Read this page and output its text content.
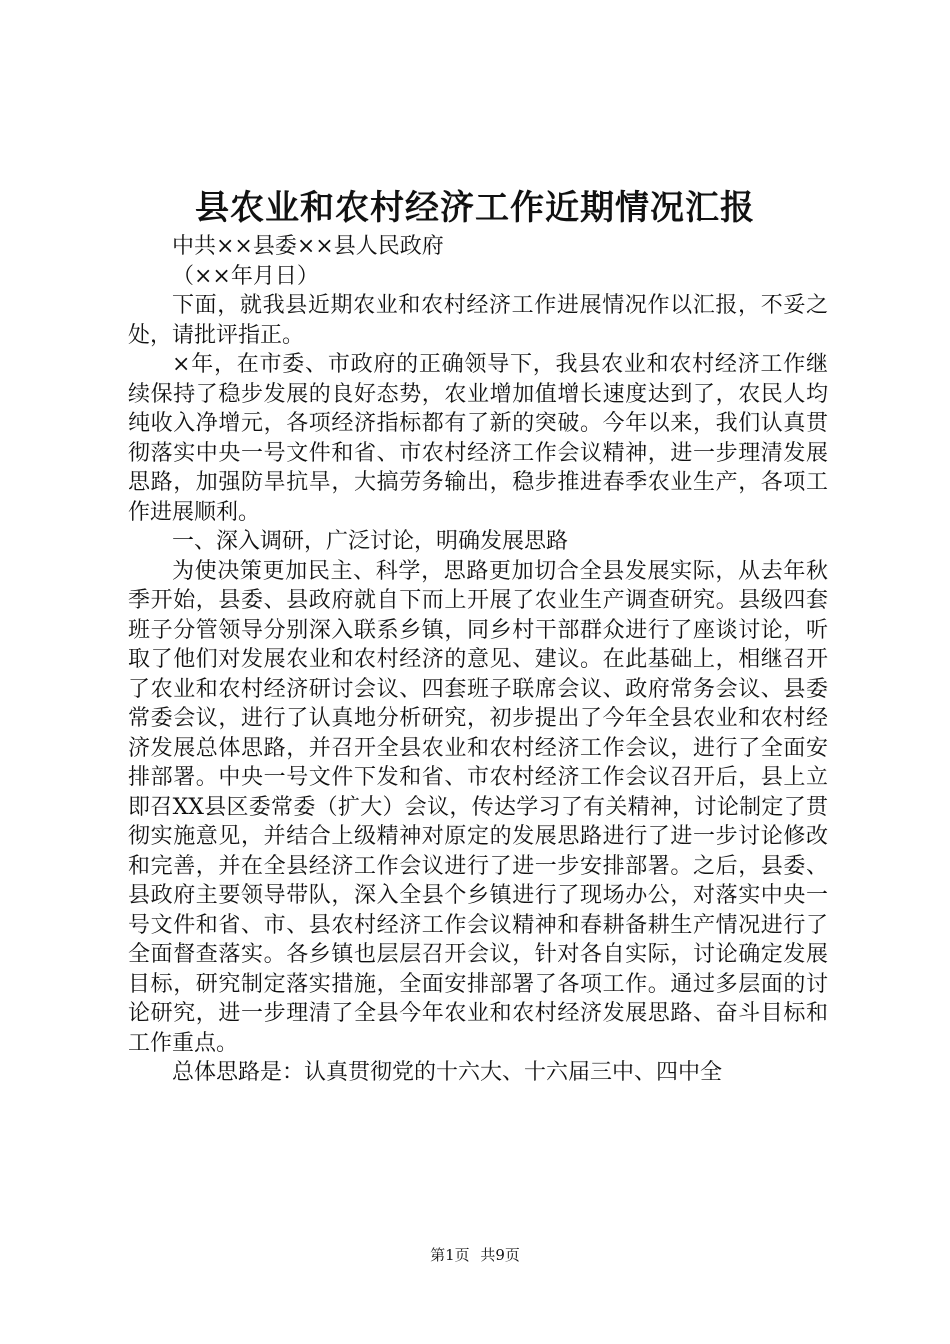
县农业和农村经济工作近期情况汇报

中共××县委××县人民政府

（××年月日）

下面，就我县近期农业和农村经济工作进展情况作以汇报，不妥之处，请批评指正。

×年，在市委、市政府的正确领导下，我县农业和农村经济工作继续保持了稳步发展的良好态势，农业增加值增长速度达到了，农民人均纯收入净增元，各项经济指标都有了新的突破。今年以来，我们认真贯彻落实中央一号文件和省、市农村经济工作会议精神，进一步理清发展思路，加强防旱抗旱，大搞劳务输出，稳步推进春季农业生产，各项工作进展顺利。

一、深入调研，广泛讨论，明确发展思路

为使决策更加民主、科学，思路更加切合全县发展实际，从去年秋季开始，县委、县政府就自下而上开展了农业生产调查研究。县级四套班子分管领导分别深入联系乡镇，同乡村干部群众进行了座谈讨论，听取了他们对发展农业和农村经济的意见、建议。在此基础上，相继召开了农业和农村经济研讨会议、四套班子联席会议、政府常务会议、县委常委会议，进行了认真地分析研究，初步提出了今年全县农业和农村经济发展总体思路，并召开全县农业和农村经济工作会议，进行了全面安排部署。中央一号文件下发和省、市农村经济工作会议召开后，县上立即召XX县区委常委（扩大）会议，传达学习了有关精神，讨论制定了贯彻实施意见，并结合上级精神对原定的发展思路进行了进一步讨论修改和完善，并在全县经济工作会议进行了进一步安排部署。之后，县委、县政府主要领导带队，深入全县个乡镇进行了现场办公，对落实中央一号文件和省、市、县农村经济工作会议精神和春耕备耕生产情况进行了全面督查落实。各乡镇也层层召开会议，针对各自实际，讨论确定发展目标，研究制定落实措施，全面安排部署了各项工作。通过多层面的讨论研究，进一步理清了全县今年农业和农村经济发展思路、奋斗目标和工作重点。

总体思路是：认真贯彻党的十六大、十六届三中、四中全

第1页 共9页
